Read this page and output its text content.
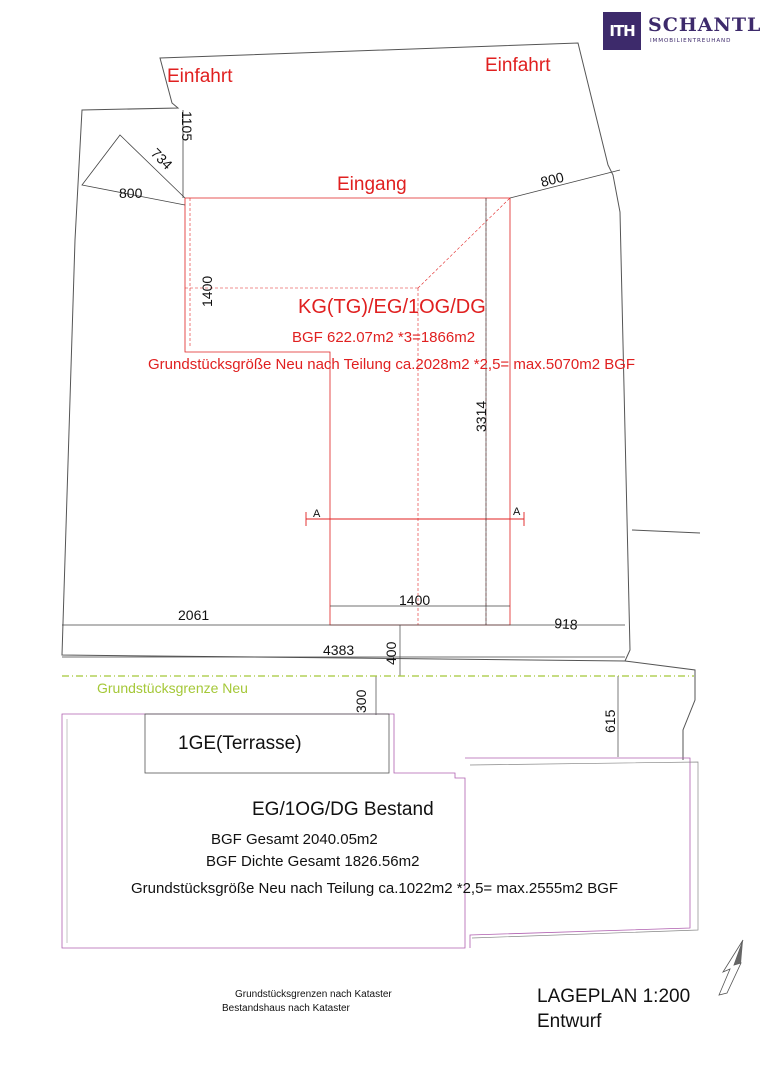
ITH SCHANTL
IMMOBILIENTREUHAND
Einfahrt
Einfahrt
Eingang
KG(TG)/EG/1OG/DG
BGF 622.07m2 *3=1866m2
Grundstücksgröße Neu nach Teilung ca.2028m2 *2,5= max.5070m2 BGF
A	A
1105
734
800
800
1400
3314
1400
2061
918
4383 400
300
615
Grundstücksgrenze Neu
1GE(Terrasse)
EG/1OG/DG Bestand
BGF Gesamt 2040.05m2
BGF Dichte Gesamt 1826.56m2
Grundstücksgröße Neu nach Teilung ca.1022m2 *2,5= max.2555m2 BGF
Grundstücksgrenzen nach Kataster
Bestandshaus nach Kataster
LAGEPLAN 1:200
Entwurf
